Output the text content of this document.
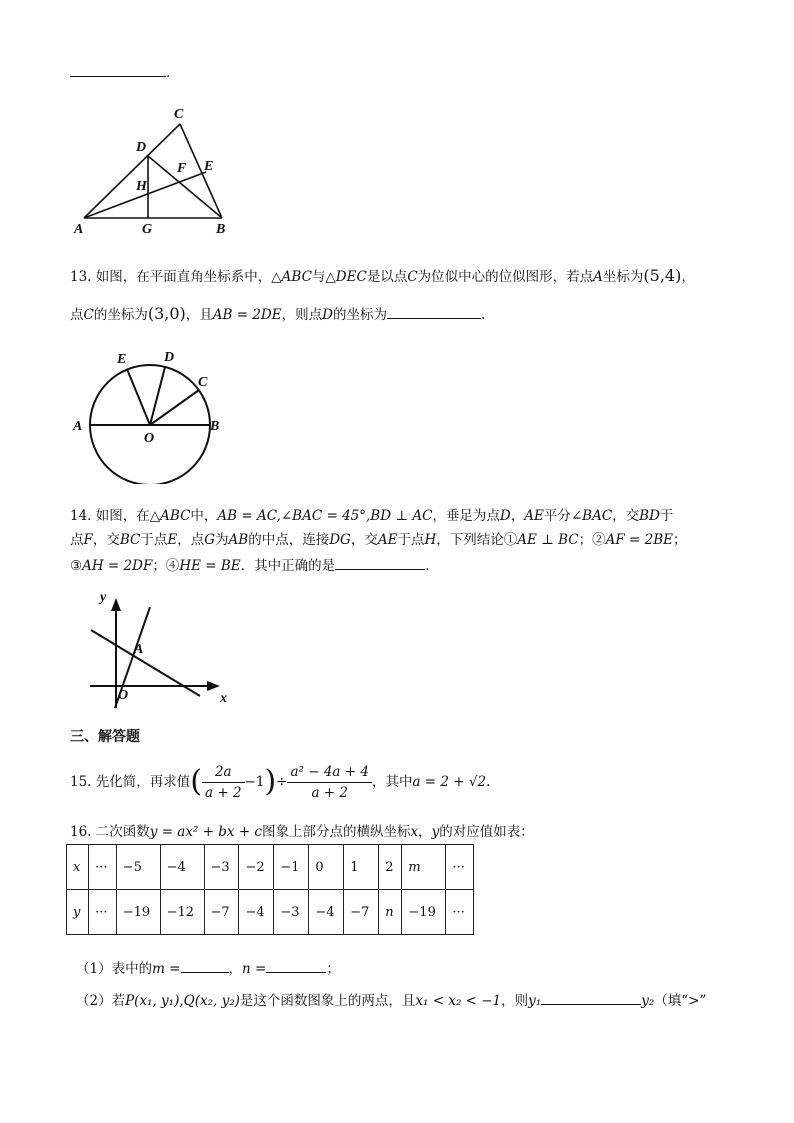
.
C
D
E
F
H
A	G	B
13. 如图，在平面直角坐标系中，△ABC与△DEC是以点C为位似中心的位似图形，若点A坐标为(5,4)，
点C的坐标为(3,0)，且AB = 2DE，则点D的坐标为	.
E	D
C
A	B
O
14. 如图，在△ABC中，AB = AC,∠BAC = 45°,BD ⊥ AC，垂足为点D，AE平分∠BAC，交BD于
点F，交BC于点E，点G为AB的中点，连接DG，交AE于点H，下列结论①AE ⊥ BC；②AF = 2BE；
③AH = 2DF；④HE = BE．其中正确的是	.
y
x
A
O
三、解答题
15.
先化简，再求值 ( $\frac{2a}{a + 2} -1$ ) ÷ $\frac{\text{a² − 4a + 4}}{a + 2}$ ，其中 a = 2 + √2 .
16. 二次函数y = ax² + bx + c图象上部分点的横纵坐标x，y的对应值如表：
x	···	−5	−4	−3	−2	−1	0	1	2	m	···
y	···	−19	−12	−7	−4	−3	−4	−7	n	−19	···
（1）表中的m =	，n =	；
（2）若P(x₁, y₁),Q(x₂, y₂)是这个函数图象上的两点，且x₁ < x₂ < −1，则y₁	y₂（填“>”
